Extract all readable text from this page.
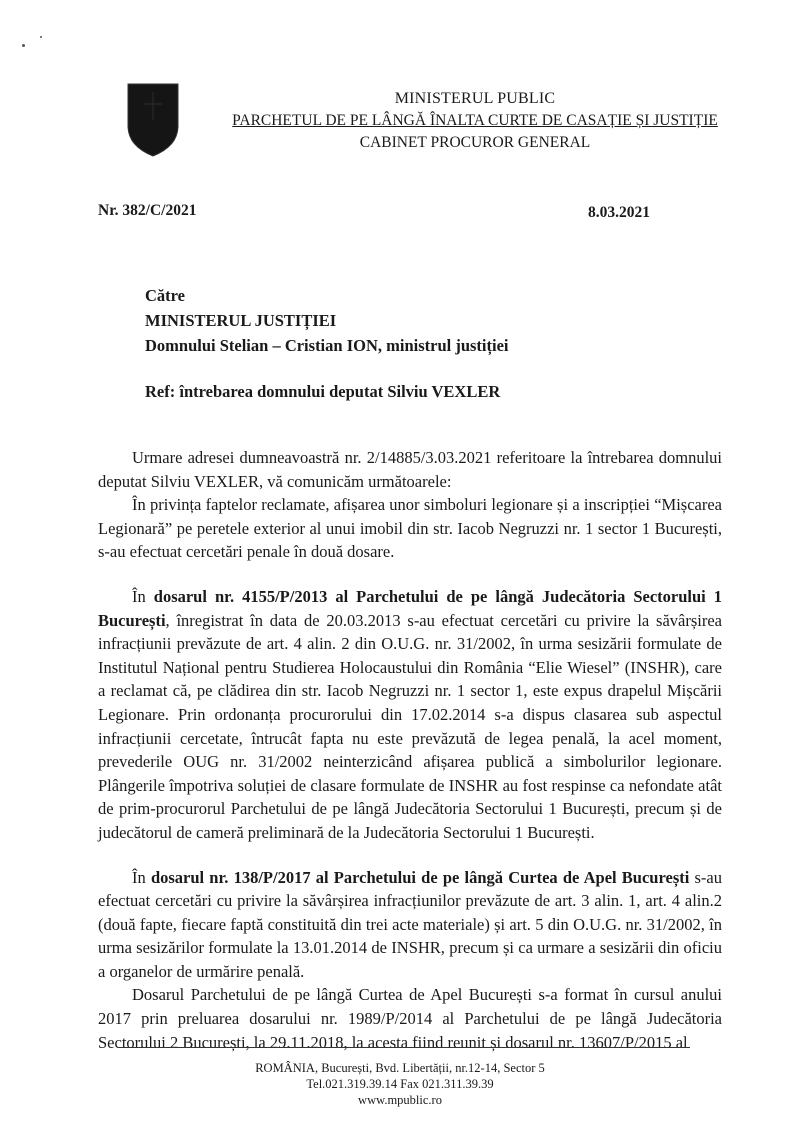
MINISTERUL PUBLIC
PARCHETUL DE PE LÂNGĂ ÎNALTA CURTE DE CASAȚIE ȘI JUSTIȚIE
CABINET PROCUROR GENERAL
Nr. 382/C/2021	8.03.2021
Către
MINISTERUL JUSTIȚIEI
Domnului Stelian – Cristian ION, ministrul justiției
Ref: întrebarea domnului deputat Silviu VEXLER

Urmare adresei dumneavoastră nr. 2/14885/3.03.2021 referitoare la întrebarea domnului deputat Silviu VEXLER, vă comunicăm următoarele:

În privința faptelor reclamate, afișarea unor simboluri legionare și a inscripției “Mișcarea Legionară” pe peretele exterior al unui imobil din str. Iacob Negruzzi nr. 1 sector 1 București, s-au efectuat cercetări penale în două dosare.

În dosarul nr. 4155/P/2013 al Parchetului de pe lângă Judecătoria Sectorului 1 București, înregistrat în data de 20.03.2013 s-au efectuat cercetări cu privire la săvârșirea infracțiunii prevăzute de art. 4 alin. 2 din O.U.G. nr. 31/2002, în urma sesizării formulate de Institutul Național pentru Studierea Holocaustului din România “Elie Wiesel” (INSHR), care a reclamat că, pe clădirea din str. Iacob Negruzzi nr. 1 sector 1, este expus drapelul Mișcării Legionare. Prin ordonanța procurorului din 17.02.2014 s-a dispus clasarea sub aspectul infracțiunii cercetate, întrucât fapta nu este prevăzută de legea penală, la acel moment, prevederile OUG nr. 31/2002 neinterzicând afișarea publică a simbolurilor legionare. Plângerile împotriva soluției de clasare formulate de INSHR au fost respinse ca nefondate atât de prim-procurorul Parchetului de pe lângă Judecătoria Sectorului 1 București, precum și de judecătorul de cameră preliminară de la Judecătoria Sectorului 1 București.

În dosarul nr. 138/P/2017 al Parchetului de pe lângă Curtea de Apel București s-au efectuat cercetări cu privire la săvârșirea infracțiunilor prevăzute de art. 3 alin. 1, art. 4 alin.2 (două fapte, fiecare faptă constituită din trei acte materiale) și art. 5 din O.U.G. nr. 31/2002, în urma sesizărilor formulate la 13.01.2014 de INSHR, precum și ca urmare a sesizării din oficiu a organelor de urmărire penală.

Dosarul Parchetului de pe lângă Curtea de Apel București s-a format în cursul anului 2017 prin preluarea dosarului nr. 1989/P/2014 al Parchetului de pe lângă Judecătoria Sectorului 2 București, la 29.11.2018, la acesta fiind reunit și dosarul nr. 13607/P/2015 al

ROMÂNIA, București, Bvd. Libertății, nr.12-14, Sector 5
Tel.021.319.39.14 Fax 021.311.39.39
www.mpublic.ro
